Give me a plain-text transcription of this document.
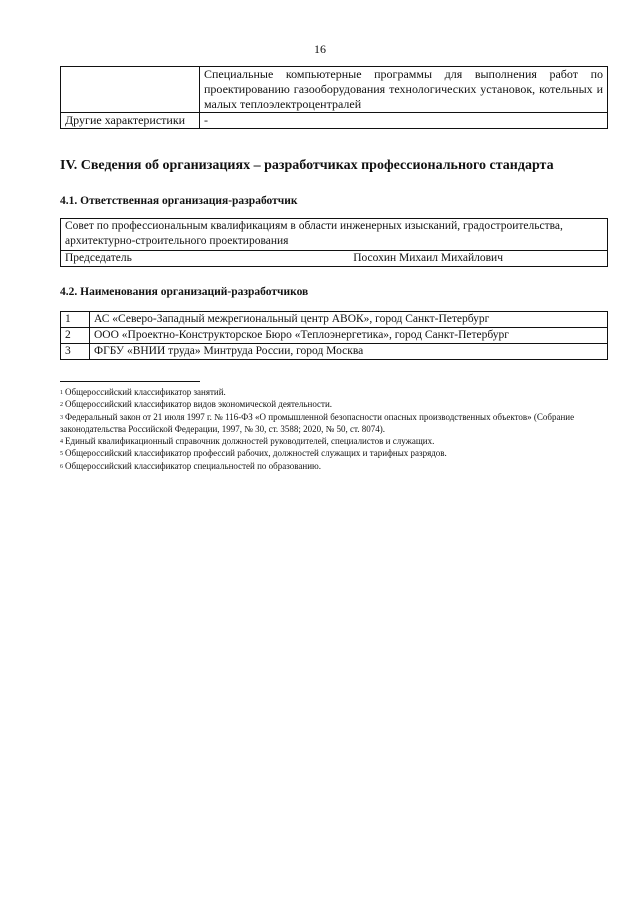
16
	Специальные компьютерные программы для выполнения работ по проектированию газооборудования технологических установок, котельных и малых теплоэлектроцентралей
Другие характеристики	-
IV. Сведения об организациях – разработчиках профессионального стандарта
4.1. Ответственная организация-разработчик
Совет по профессиональным квалификациям в области инженерных изысканий, градостроительства, архитектурно-строительного проектирования

Председатель	Посохин Михаил Михайлович
4.2. Наименования организаций-разработчиков
1	АС «Северо-Западный межрегиональный центр АВОК», город Санкт-Петербург
2	ООО «Проектно-Конструкторское Бюро «Теплоэнергетика», город Санкт-Петербург
3	ФГБУ «ВНИИ труда» Минтруда России, город Москва

$^1$ Общероссийский классификатор занятий.

$^2$ Общероссийский классификатор видов экономической деятельности.

$^3$ Федеральный закон от 21 июля 1997 г. № 116-ФЗ «О промышленной безопасности опасных производственных объектов» (Собрание законодательства Российской Федерации, 1997, № 30, ст. 3588; 2020, № 50, ст. 8074).

$^4$ Единый квалификационный справочник должностей руководителей, специалистов и служащих.

$^5$ Общероссийский классификатор профессий рабочих, должностей служащих и тарифных разрядов.

$^6$ Общероссийский классификатор специальностей по образованию.
